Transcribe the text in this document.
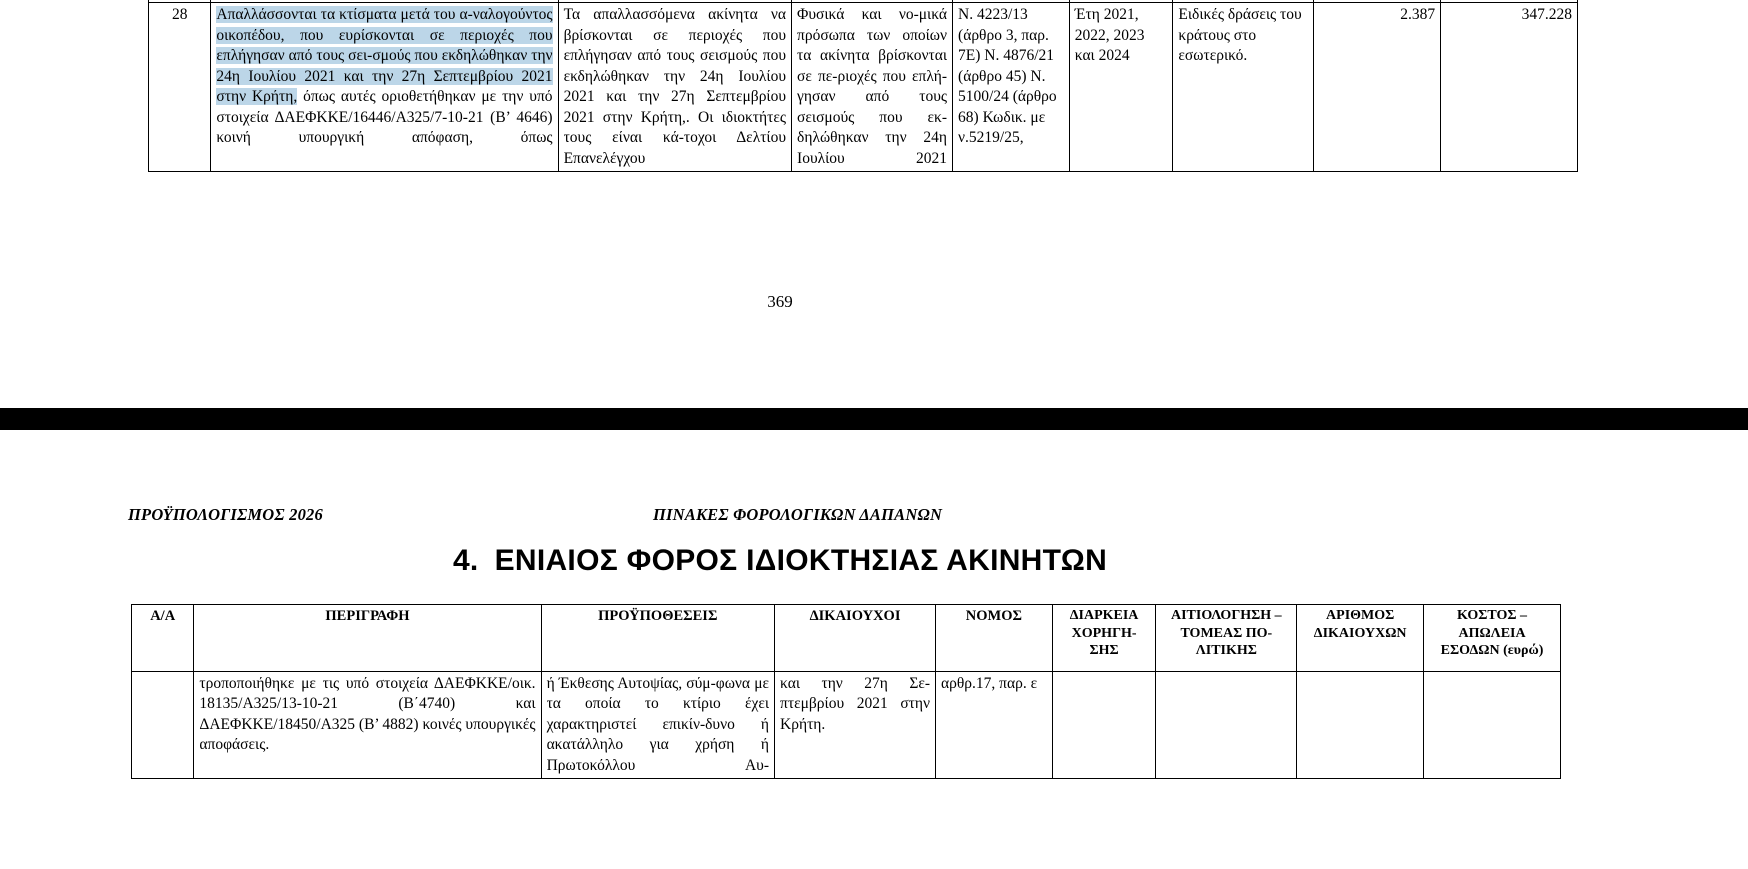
28	Απαλλάσσονται τα κτίσματα μετά του α-ναλογούντος οικοπέδου, που ευρίσκονται σε περιοχές που επλήγησαν από τους σει-σμούς που εκδηλώθηκαν την 24η Ιουλίου 2021 και την 27η Σεπτεμβρίου 2021 στην Κρήτη, όπως αυτές οριοθετήθηκαν με την υπό στοιχεία ΔΑΕΦΚΚΕ/16446/Α325/7-10-21 (Β’ 4646) κοινή υπουργική απόφαση, όπως	Τα απαλλασσόμενα ακίνητα να βρίσκονται σε περιοχές που επλήγησαν από τους σεισμούς που εκδηλώθηκαν την 24η Ιουλίου 2021 και την 27η Σεπτεμβρίου 2021 στην Κρήτη,. Οι ιδιοκτήτες τους είναι κά-τοχοι Δελτίου Επανελέγχου	Φυσικά και νο-μικά πρόσωπα των οποίων τα ακίνητα βρίσκονται σε πε-ριοχές που επλή-γησαν από τους σεισμούς που εκ-δηλώθηκαν την 24η Ιουλίου 2021	Ν. 4223/13 (άρθρο 3, παρ. 7Ε) Ν. 4876/21 (άρθρο 45) Ν. 5100/24 (άρθρο 68) Κωδικ. με ν.5219/25,	Έτη 2021, 2022, 2023 και 2024	Ειδικές δράσεις του κράτους στο εσωτερικό.	2.387	347.228
369
ΠΡΟΫΠΟΛΟΓΙΣΜΟΣ 2026	ΠΙΝΑΚΕΣ ΦΟΡΟΛΟΓΙΚΩΝ ΔΑΠΑΝΩΝ
4. ΕΝΙΑΙΟΣ ΦΟΡΟΣ ΙΔΙΟΚΤΗΣΙΑΣ ΑΚΙΝΗΤΩΝ
Α/Α	ΠΕΡΙΓΡΑΦΗ	ΠΡΟΫΠΟΘΕΣΕΙΣ	ΔΙΚΑΙΟΥΧΟΙ	ΝΟΜΟΣ	ΔΙΑΡΚΕΙΑ ΧΟΡΗΓΗ-ΣΗΣ	ΑΙΤΙΟΛΟΓΗΣΗ – ΤΟΜΕΑΣ ΠΟ-ΛΙΤΙΚΗΣ	ΑΡΙΘΜΟΣ ΔΙΚΑΙΟΥΧΩΝ	ΚΟΣΤΟΣ – ΑΠΩΛΕΙΑ ΕΣΟΔΩΝ (ευρώ)
	τροποποιήθηκε με τις υπό στοιχεία ΔΑΕΦΚΚΕ/οικ. 18135/Α325/13-10-21 (Β΄4740) και ΔΑΕΦΚΚΕ/18450/Α325 (Β’ 4882) κοινές υπουργικές αποφάσεις.	ή Έκθεσης Αυτοψίας, σύμ-φωνα με τα οποία το κτίριο έχει χαρακτηριστεί επικίν-δυνο ή ακατάλληλο για χρήση ή Πρωτοκόλλου Αυ-	και την 27η Σε-πτεμβρίου 2021 στην Κρήτη.	αρθρ.17, παρ. ε				
